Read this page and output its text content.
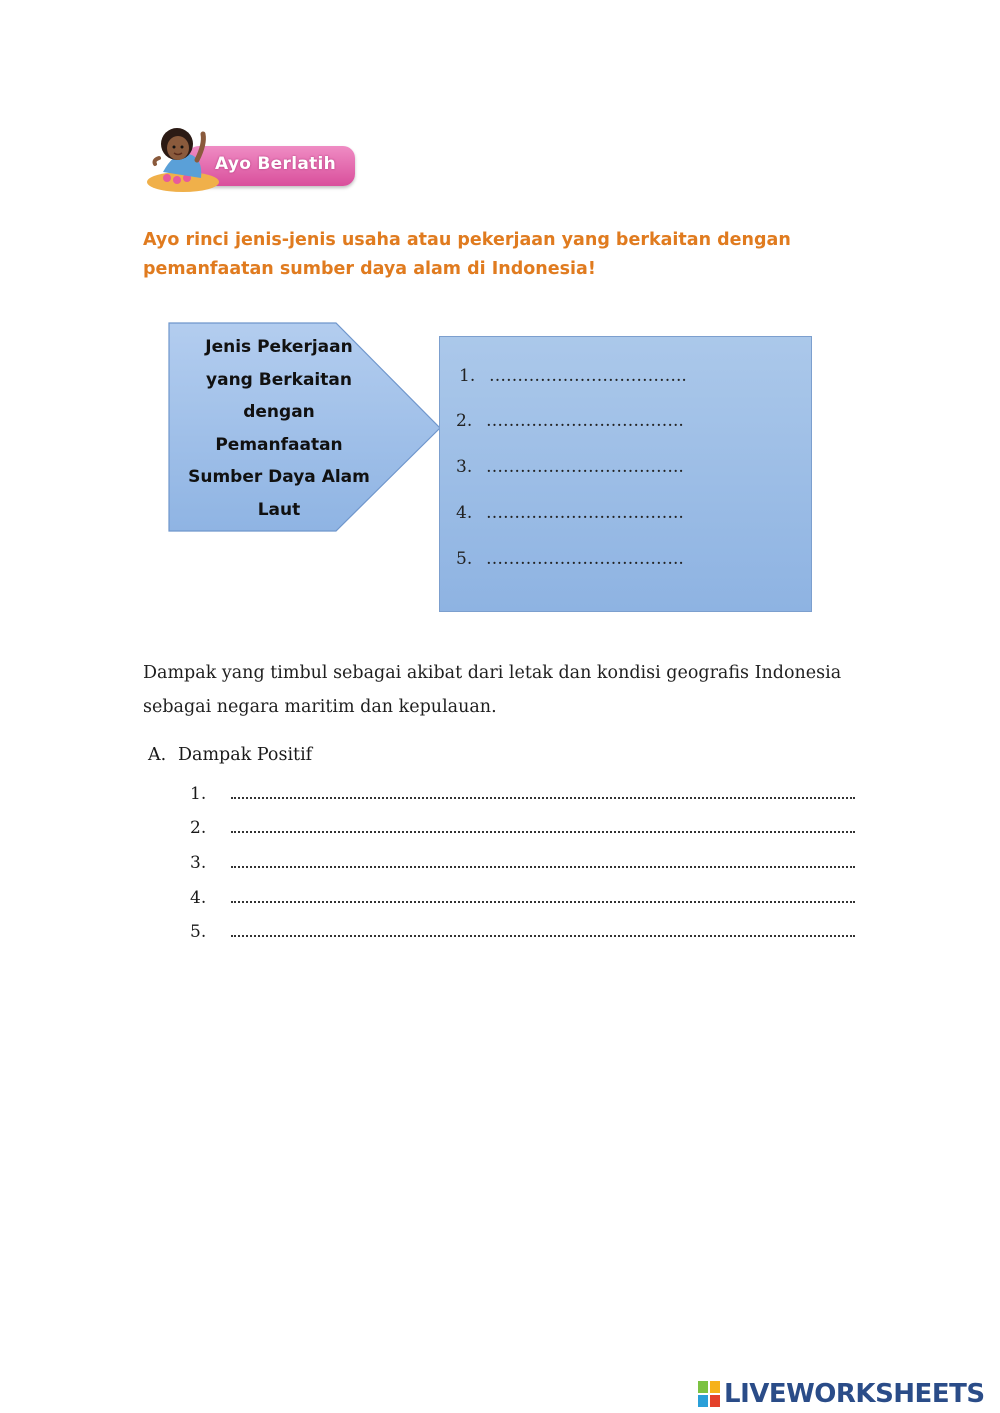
Ayo Berlatih
Ayo rinci jenis-jenis usaha atau pekerjaan yang berkaitan dengan pemanfaatan sumber daya alam di Indonesia!
Jenis Pekerjaan
yang Berkaitan
dengan
Pemanfaatan
Sumber Daya Alam
Laut
1. ……………………………..
2. ……………………………..
3. ……………………………..
4. ……………………………..
5. ……………………………..
Dampak yang timbul sebagai akibat dari letak dan kondisi geografis Indonesia sebagai negara maritim dan kepulauan.
A. Dampak Positif
1.
2.
3.
4.
5.
LIVEWORKSHEETS
